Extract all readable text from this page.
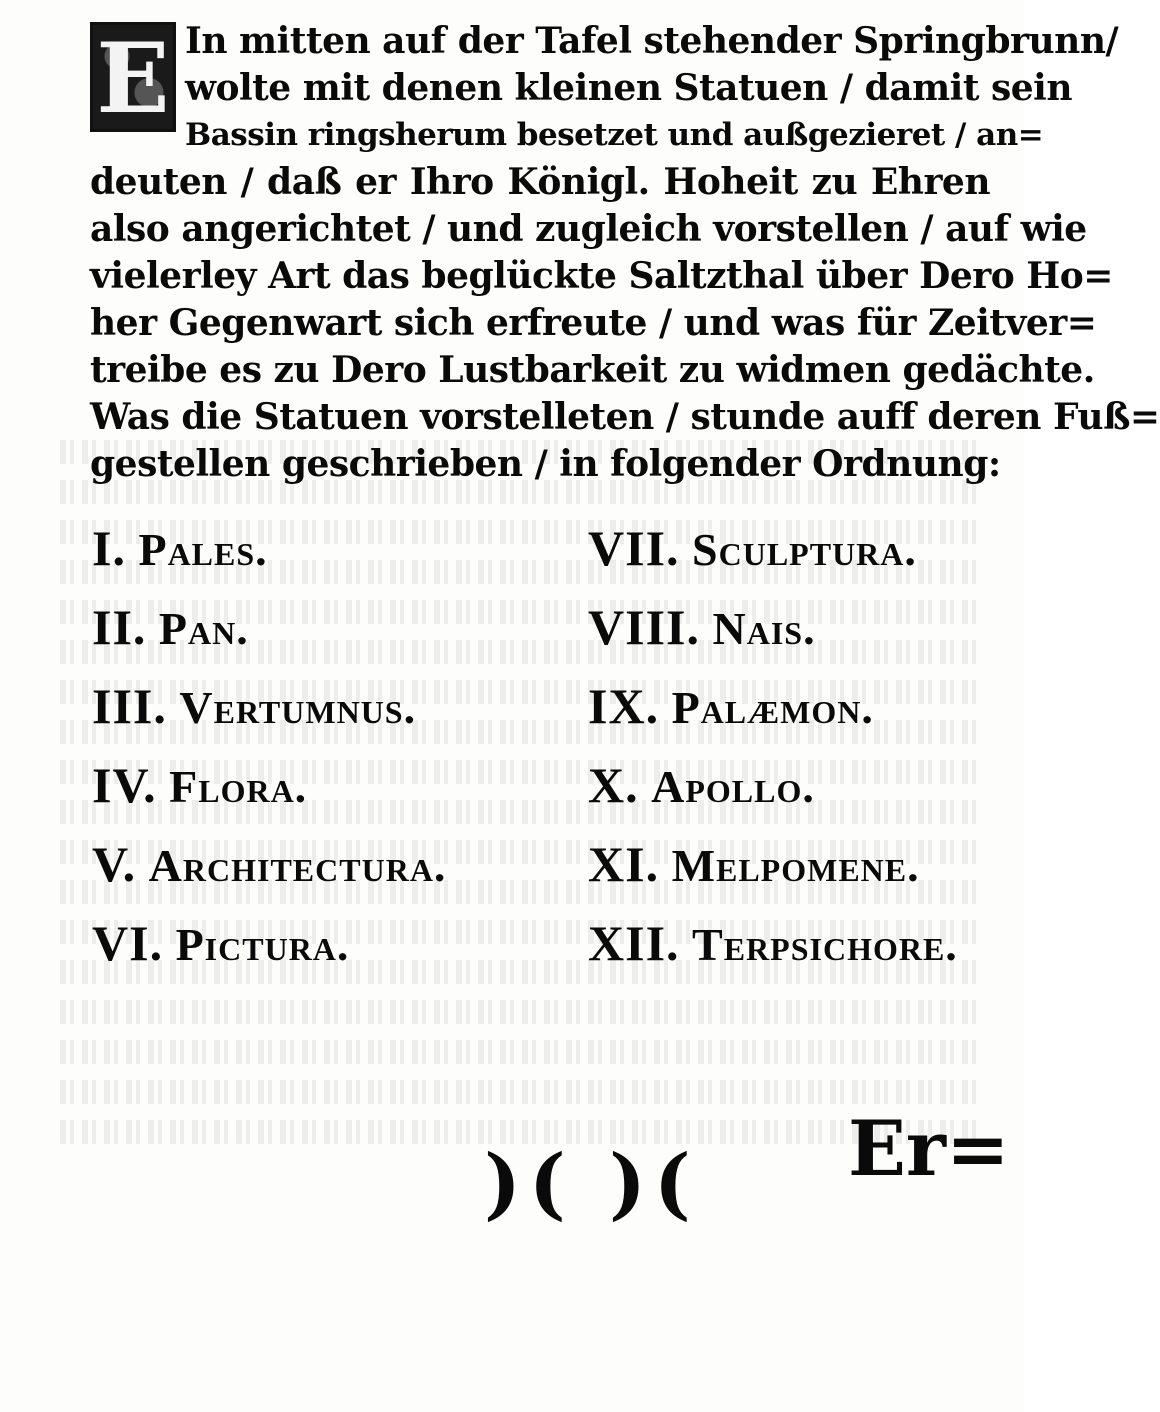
In mitten auf der Tafel stehender Springbrunn/
wolte mit denen kleinen Statuen / damit sein
Bassin ringsherum besetzet und außgezieret / an=
deuten / daß er Ihro Königl. Hoheit zu Ehren
also angerichtet / und zugleich vorstellen / auf wie
vielerley Art das beglückte Saltzthal über Dero Ho=
her Gegenwart sich erfreute / und was für Zeitver=
treibe es zu Dero Lustbarkeit zu widmen gedächte.
Was die Statuen vorstelleten / stunde auff deren Fuß=
gestellen geschrieben / in folgender Ordnung:
E
I. Pales.
II. Pan.
III. Vertumnus.
IV. Flora.
V. Architectura.
VI. Pictura.
VII. Sculptura.
VIII. Nais.
IX. Palæmon.
X. Apollo.
XI. Melpomene.
XII. Terpsichore.
)( )( Er=
